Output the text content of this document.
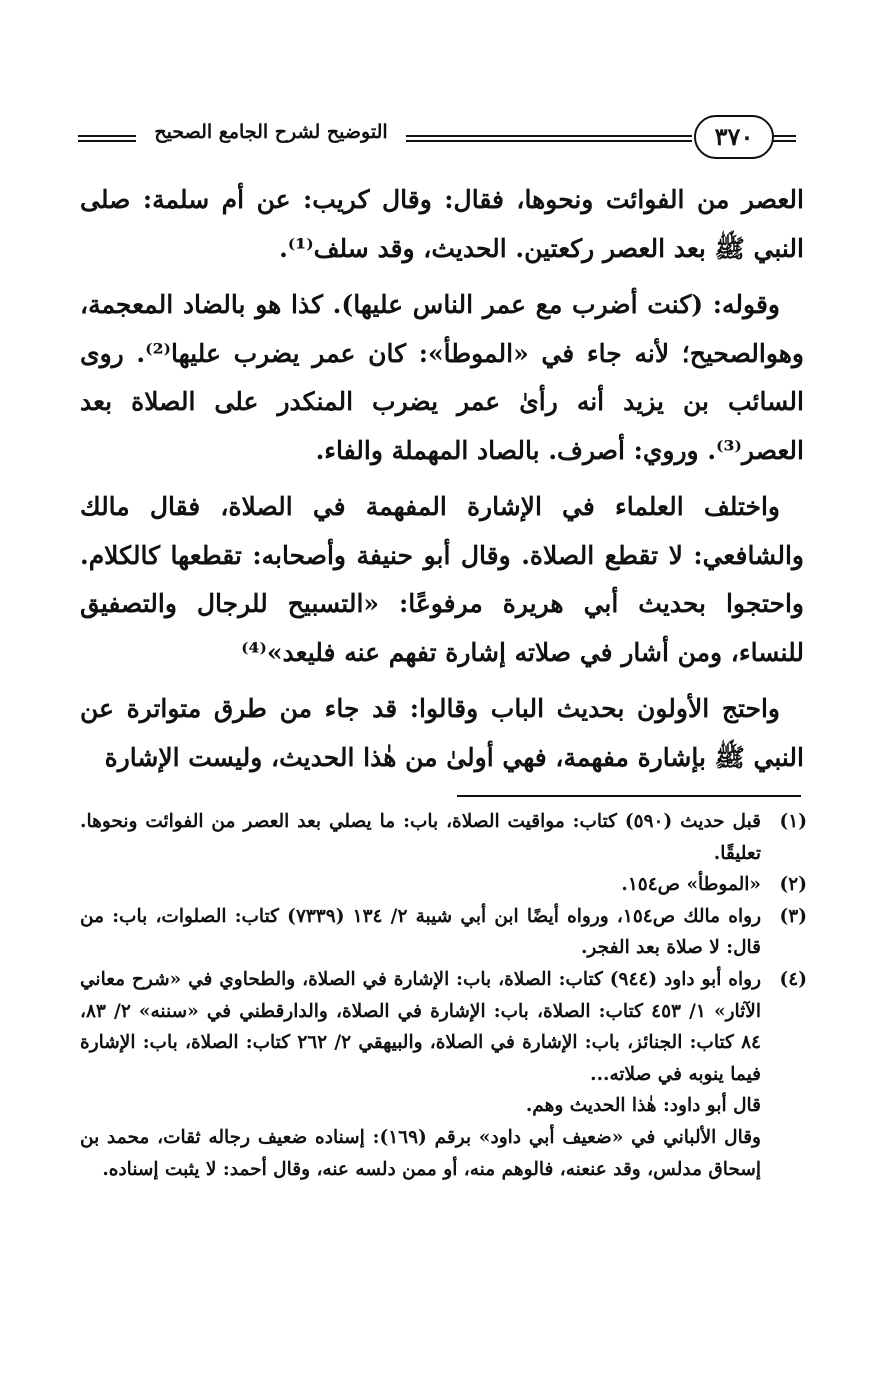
التوضيح لشرح الجامع الصحيح	٣٧٠

العصر من الفوائت ونحوها، فقال: وقال كريب: عن أم سلمة: صلى النبي ﷺ بعد العصر ركعتين. الحديث، وقد سلف⁽¹⁾.

وقوله: (كنت أضرب مع عمر الناس عليها). كذا هو بالضاد المعجمة، وهوالصحيح؛ لأنه جاء في «الموطأ»: كان عمر يضرب عليها⁽²⁾. روى السائب بن يزيد أنه رأىٰ عمر يضرب المنكدر على الصلاة بعد العصر⁽³⁾. وروي: أصرف. بالصاد المهملة والفاء.

واختلف العلماء في الإشارة المفهمة في الصلاة، فقال مالك والشافعي: لا تقطع الصلاة. وقال أبو حنيفة وأصحابه: تقطعها كالكلام. واحتجوا بحديث أبي هريرة مرفوعًا: «التسبيح للرجال والتصفيق للنساء، ومن أشار في صلاته إشارة تفهم عنه فليعد»⁽⁴⁾

واحتج الأولون بحديث الباب وقالوا: قد جاء من طرق متواترة عن النبي ﷺ بإشارة مفهمة، فهي أولىٰ من هٰذا الحديث، وليست الإشارة

(١)
قبل حديث (٥٩٠) كتاب: مواقيت الصلاة، باب: ما يصلي بعد العصر من الفوائت ونحوها. تعليقًا.
(٢)
«الموطأ» ص١٥٤.
(٣)
رواه مالك ص١٥٤، ورواه أيضًا ابن أبي شيبة ٢/ ١٣٤ (٧٣٣٩) كتاب: الصلوات، باب: من قال: لا صلاة بعد الفجر.
(٤)
رواه أبو داود (٩٤٤) كتاب: الصلاة، باب: الإشارة في الصلاة، والطحاوي في «شرح معاني الآثار» ١/ ٤٥٣ كتاب: الصلاة، باب: الإشارة في الصلاة، والدارقطني في «سننه» ٢/ ٨٣، ٨٤ كتاب: الجنائز، باب: الإشارة في الصلاة، والبيهقي ٢/ ٢٦٢ كتاب: الصلاة، باب: الإشارة فيما ينوبه في صلاته...
قال أبو داود: هٰذا الحديث وهم.
وقال الألباني في «ضعيف أبي داود» برقم (١٦٩): إسناده ضعيف رجاله ثقات، محمد بن إسحاق مدلس، وقد عنعنه، فالوهم منه، أو ممن دلسه عنه، وقال أحمد: لا يثبت إسناده.
